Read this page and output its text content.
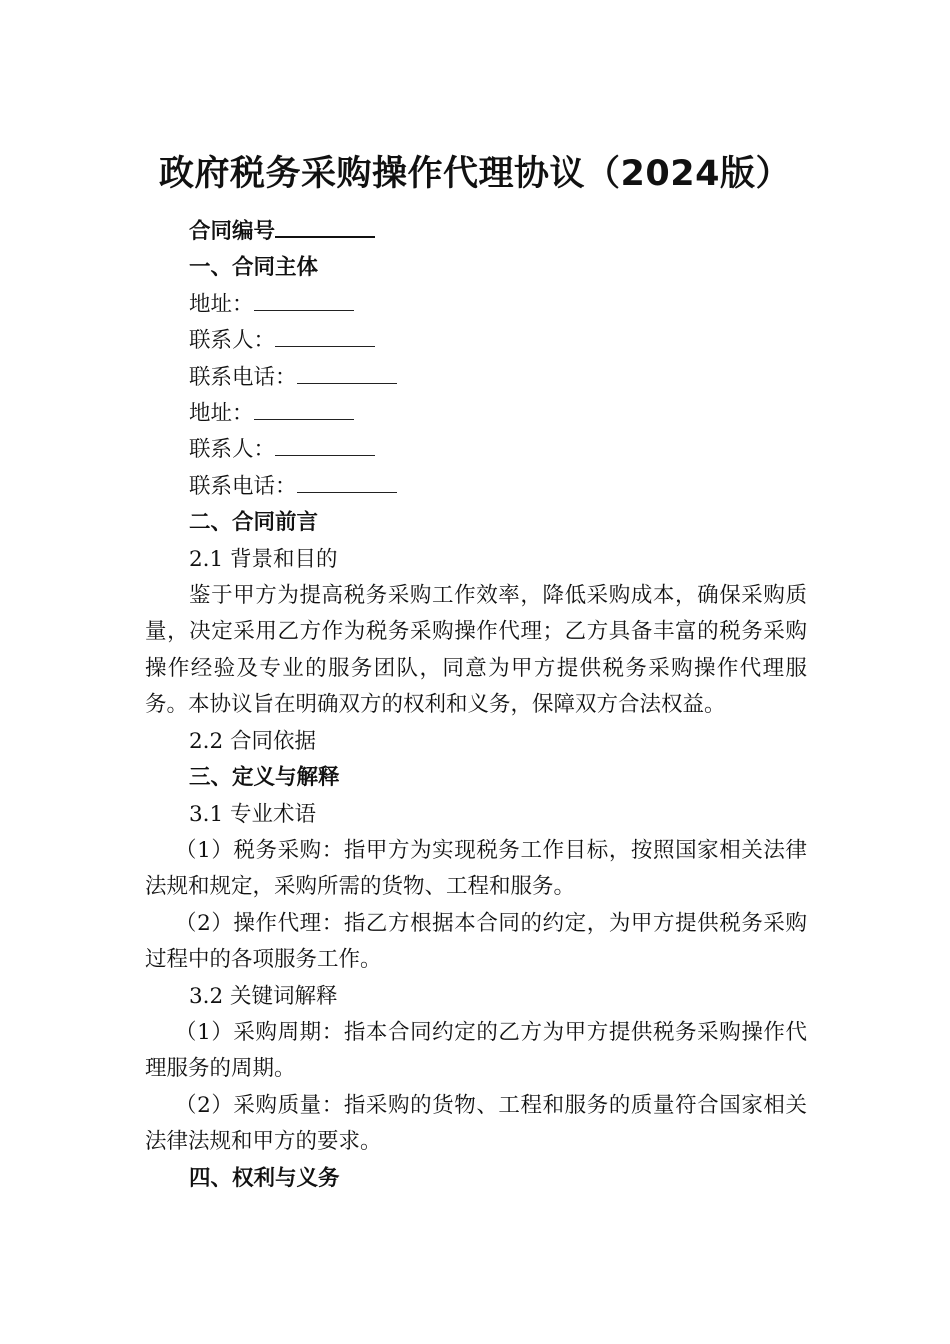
政府税务采购操作代理协议（2024版）

合同编号

一、合同主体

地址：

联系人：

联系电话：

地址：

联系人：

联系电话：

二、合同前言

2.1 背景和目的

鉴于甲方为提高税务采购工作效率，降低采购成本，确保采购质量，决定采用乙方作为税务采购操作代理；乙方具备丰富的税务采购操作经验及专业的服务团队，同意为甲方提供税务采购操作代理服务。本协议旨在明确双方的权利和义务，保障双方合法权益。

2.2 合同依据

三、定义与解释

3.1 专业术语

（1）税务采购：指甲方为实现税务工作目标，按照国家相关法律法规和规定，采购所需的货物、工程和服务。

（2）操作代理：指乙方根据本合同的约定，为甲方提供税务采购过程中的各项服务工作。

3.2 关键词解释

（1）采购周期：指本合同约定的乙方为甲方提供税务采购操作代理服务的周期。

（2）采购质量：指采购的货物、工程和服务的质量符合国家相关法律法规和甲方的要求。

四、权利与义务
